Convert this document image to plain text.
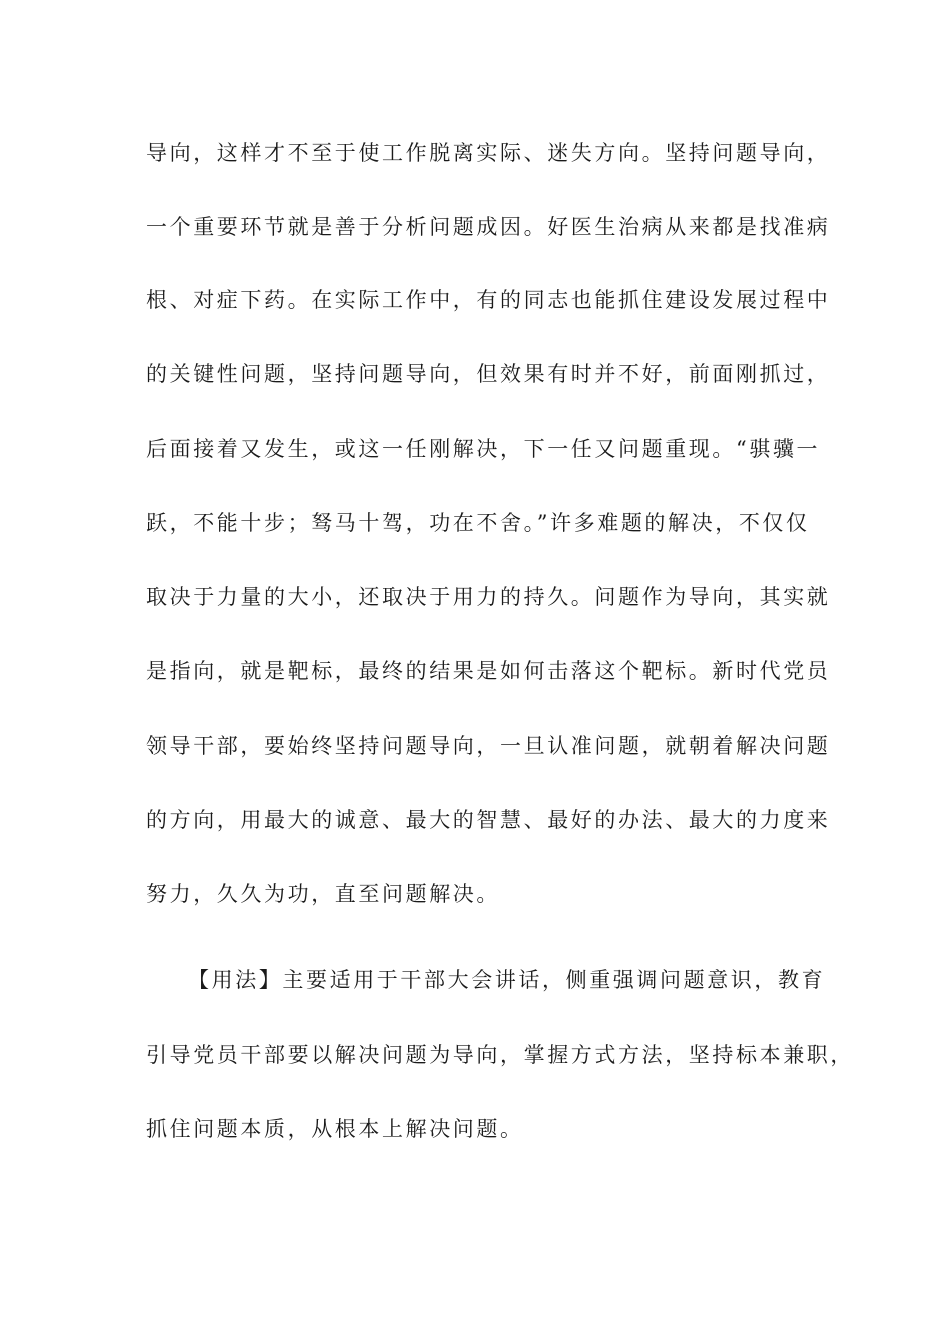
导向，这样才不至于使工作脱离实际、迷失方向。坚持问题导向，

一个重要环节就是善于分析问题成因。好医生治病从来都是找准病

根、对症下药。在实际工作中，有的同志也能抓住建设发展过程中

的关键性问题，坚持问题导向，但效果有时并不好，前面刚抓过，

后面接着又发生，或这一任刚解决，下一任又问题重现。“骐骥一

跃，不能十步；驽马十驾，功在不舍。”许多难题的解决，不仅仅

取决于力量的大小，还取决于用力的持久。问题作为导向，其实就

是指向，就是靶标，最终的结果是如何击落这个靶标。新时代党员

领导干部，要始终坚持问题导向，一旦认准问题，就朝着解决问题

的方向，用最大的诚意、最大的智慧、最好的办法、最大的力度来

努力，久久为功，直至问题解决。

【用法】主要适用于干部大会讲话，侧重强调问题意识，教育

引导党员干部要以解决问题为导向，掌握方式方法，坚持标本兼职，

抓住问题本质，从根本上解决问题。
